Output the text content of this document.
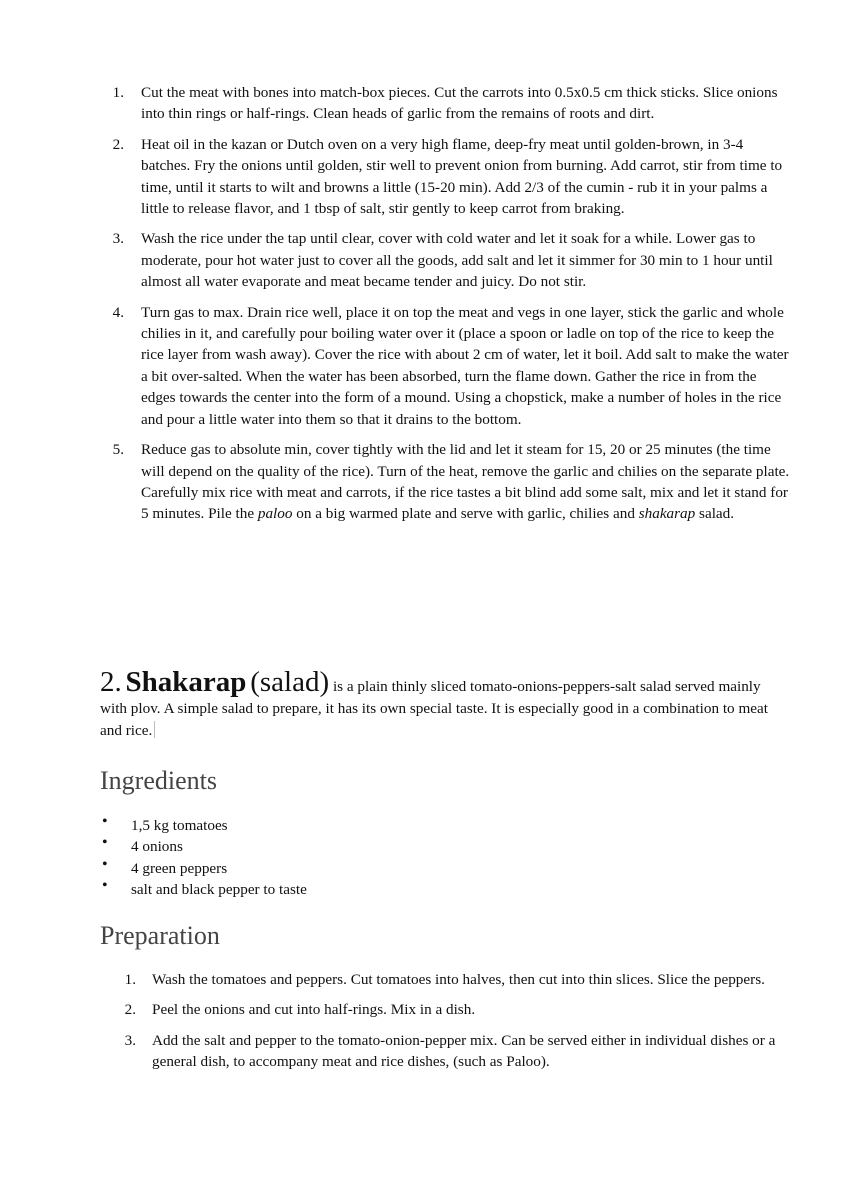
1. Cut the meat with bones into match-box pieces. Cut the carrots into 0.5x0.5 cm thick sticks. Slice onions into thin rings or half-rings. Clean heads of garlic from the remains of roots and dirt.
2. Heat oil in the kazan or Dutch oven on a very high flame, deep-fry meat until golden-brown, in 3-4 batches. Fry the onions until golden, stir well to prevent onion from burning. Add carrot, stir from time to time, until it starts to wilt and browns a little (15-20 min). Add 2/3 of the cumin - rub it in your palms a little to release flavor, and 1 tbsp of salt, stir gently to keep carrot from braking.
3. Wash the rice under the tap until clear, cover with cold water and let it soak for a while. Lower gas to moderate, pour hot water just to cover all the goods, add salt and let it simmer for 30 min to 1 hour until almost all water evaporate and meat became tender and juicy. Do not stir.
4. Turn gas to max. Drain rice well, place it on top the meat and vegs in one layer, stick the garlic and whole chilies in it, and carefully pour boiling water over it (place a spoon or ladle on top of the rice to keep the rice layer from wash away). Cover the rice with about 2 cm of water, let it boil. Add salt to make the water a bit over-salted. When the water has been absorbed, turn the flame down. Gather the rice in from the edges towards the center into the form of a mound. Using a chopstick, make a number of holes in the rice and pour a little water into them so that it drains to the bottom.
5. Reduce gas to absolute min, cover tightly with the lid and let it steam for 15, 20 or 25 minutes (the time will depend on the quality of the rice). Turn of the heat, remove the garlic and chilies on the separate plate. Carefully mix rice with meat and carrots, if the rice tastes a bit blind add some salt, mix and let it stand for 5 minutes. Pile the paloo on a big warmed plate and serve with garlic, chilies and shakarap salad.
2. Shakarap (salad) is a plain thinly sliced tomato-onions-peppers-salt salad served mainly with plov. A simple salad to prepare, it has its own special taste. It is especially good in a combination to meat and rice.
Ingredients
• 1,5 kg tomatoes
• 4 onions
• 4 green peppers
• salt and black pepper to taste
Preparation
1. Wash the tomatoes and peppers. Cut tomatoes into halves, then cut into thin slices. Slice the peppers.
2. Peel the onions and cut into half-rings. Mix in a dish.
3. Add the salt and pepper to the tomato-onion-pepper mix. Can be served either in individual dishes or a general dish, to accompany meat and rice dishes, (such as Paloo).
